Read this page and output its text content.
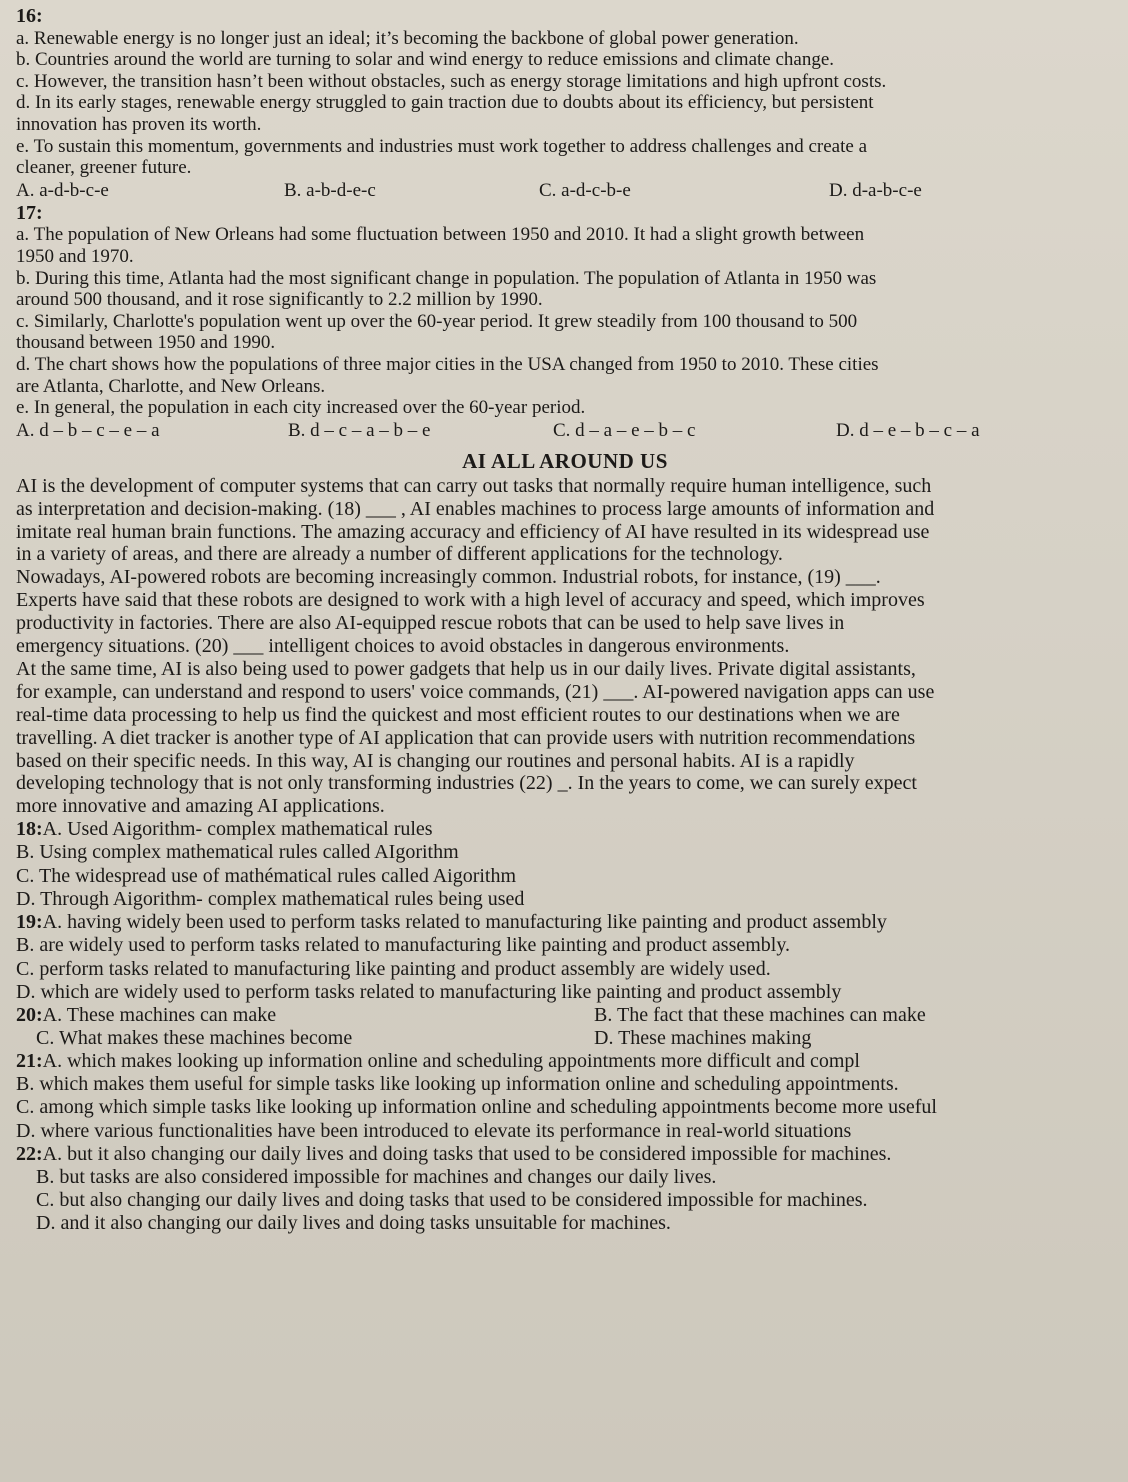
16:
a. Renewable energy is no longer just an ideal; it’s becoming the backbone of global power generation.
b. Countries around the world are turning to solar and wind energy to reduce emissions and climate change.
c. However, the transition hasn’t been without obstacles, such as energy storage limitations and high upfront costs.
d. In its early stages, renewable energy struggled to gain traction due to doubts about its efficiency, but persistent
innovation has proven its worth.
e. To sustain this momentum, governments and industries must work together to address challenges and create a
cleaner, greener future.
A. a-d-b-c-e	B. a-b-d-e-c	C. a-d-c-b-e	D. d-a-b-c-e
17:
a. The population of New Orleans had some fluctuation between 1950 and 2010. It had a slight growth between
1950 and 1970.
b. During this time, Atlanta had the most significant change in population. The population of Atlanta in 1950 was
around 500 thousand, and it rose significantly to 2.2 million by 1990.
c. Similarly, Charlotte's population went up over the 60-year period. It grew steadily from 100 thousand to 500
thousand between 1950 and 1990.
d. The chart shows how the populations of three major cities in the USA changed from 1950 to 2010. These cities
are Atlanta, Charlotte, and New Orleans.
e. In general, the population in each city increased over the 60-year period.
A. d – b – c – e – a	B. d – c – a – b – e	C. d – a – e – b – c	D. d – e – b – c – a
AI ALL AROUND US
AI is the development of computer systems that can carry out tasks that normally require human intelligence, such
as interpretation and decision-making. (18) ___ , AI enables machines to process large amounts of information and
imitate real human brain functions. The amazing accuracy and efficiency of AI have resulted in its widespread use
in a variety of areas, and there are already a number of different applications for the technology.
Nowadays, AI-powered robots are becoming increasingly common. Industrial robots, for instance, (19) ___.
Experts have said that these robots are designed to work with a high level of accuracy and speed, which improves
productivity in factories. There are also AI-equipped rescue robots that can be used to help save lives in
emergency situations. (20) ___ intelligent choices to avoid obstacles in dangerous environments.
At the same time, AI is also being used to power gadgets that help us in our daily lives. Private digital assistants,
for example, can understand and respond to users' voice commands, (21) ___. AI-powered navigation apps can use
real-time data processing to help us find the quickest and most efficient routes to our destinations when we are
travelling. A diet tracker is another type of AI application that can provide users with nutrition recommendations
based on their specific needs. In this way, AI is changing our routines and personal habits. AI is a rapidly
developing technology that is not only transforming industries (22) _. In the years to come, we can surely expect
more innovative and amazing AI applications.
18:A. Used Aigorithm- complex mathematical rules
B. Using complex mathematical rules called AIgorithm
C. The widespread use of mathématical rules called Aigorithm
D. Through Aigorithm- complex mathematical rules being used
19:A. having widely been used to perform tasks related to manufacturing like painting and product assembly
B. are widely used to perform tasks related to manufacturing like painting and product assembly.
C. perform tasks related to manufacturing like painting and product assembly are widely used.
D. which are widely used to perform tasks related to manufacturing like painting and product assembly
20:A. These machines can make	B. The fact that these machines can make
C. What makes these machines become	D. These machines making
21:A. which makes looking up information online and scheduling appointments more difficult and compl
B. which makes them useful for simple tasks like looking up information online and scheduling appointments.
C. among which simple tasks like looking up information online and scheduling appointments become more useful
D. where various functionalities have been introduced to elevate its performance in real-world situations
22:A. but it also changing our daily lives and doing tasks that used to be considered impossible for machines.
B. but tasks are also considered impossible for machines and changes our daily lives.
C. but also changing our daily lives and doing tasks that used to be considered impossible for machines.
D. and it also changing our daily lives and doing tasks unsuitable for machines.
